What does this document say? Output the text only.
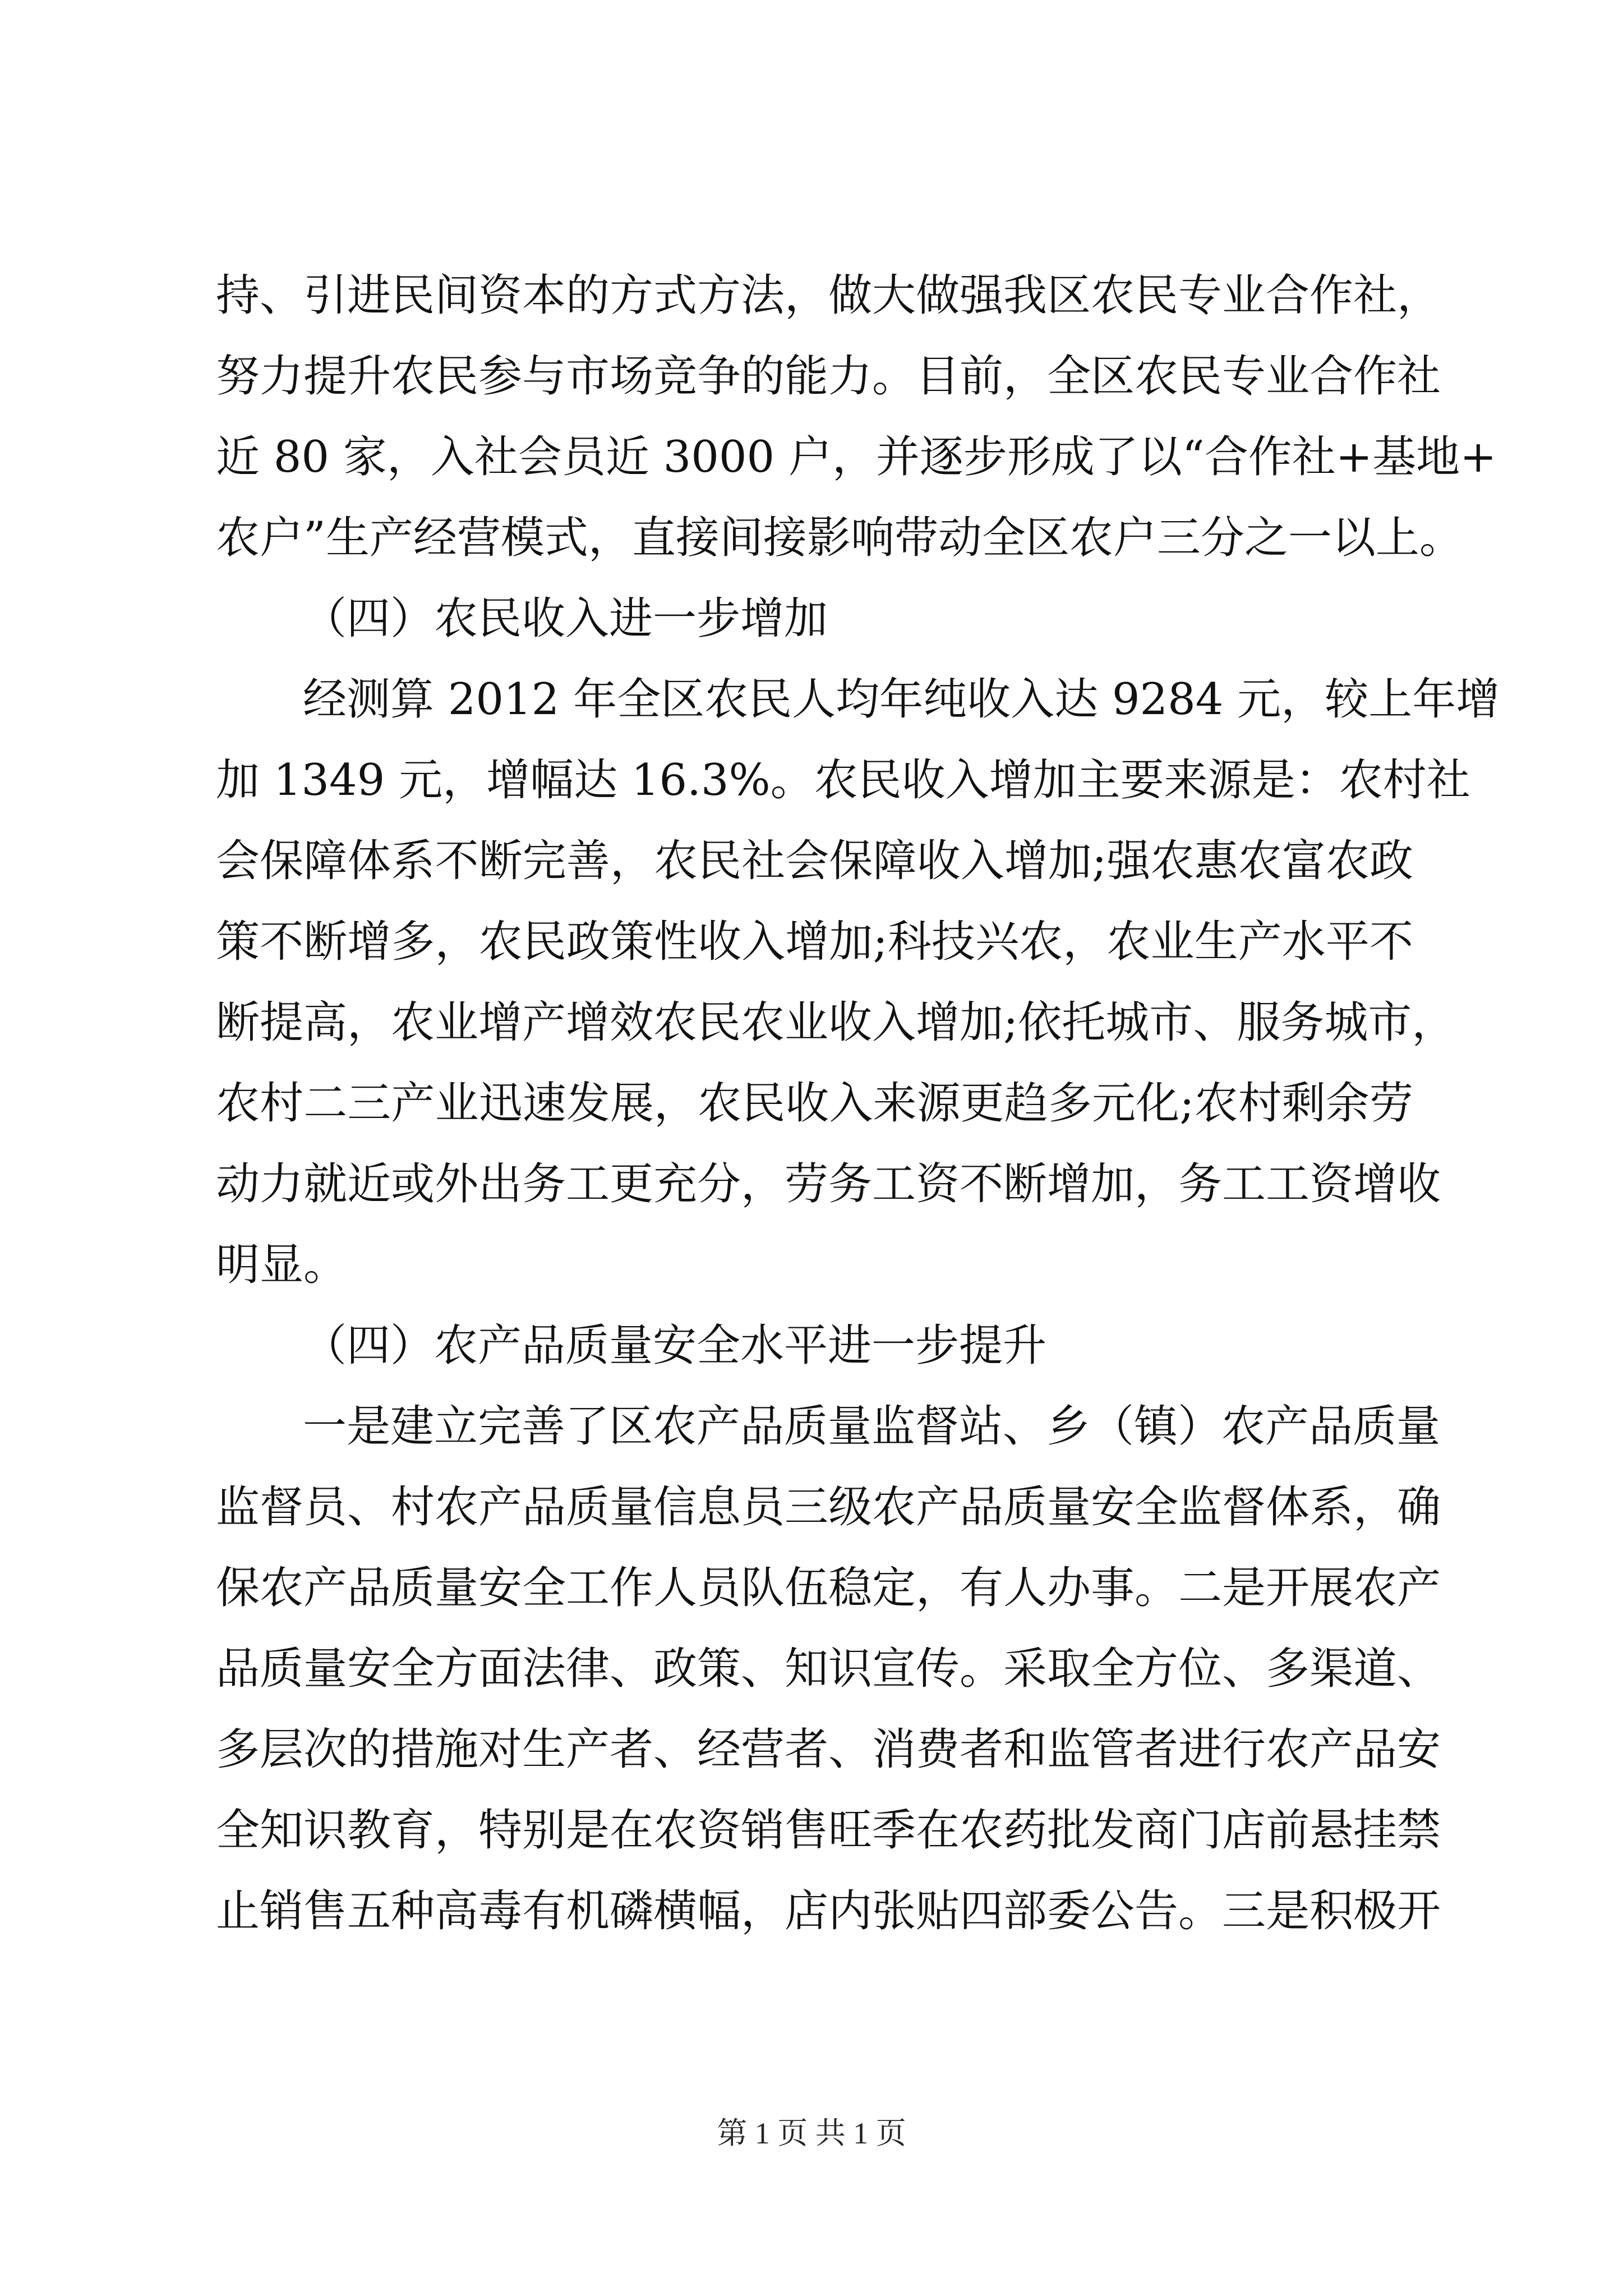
持、引进民间资本的方式方法，做大做强我区农民专业合作社，
努力提升农民参与市场竞争的能力。目前，全区农民专业合作社
近 80 家，入社会员近 3000 户，并逐步形成了以“合作社+基地+
农户”生产经营模式，直接间接影响带动全区农户三分之一以上。
（四）农民收入进一步增加
经测算 2012 年全区农民人均年纯收入达 9284 元，较上年增
加 1349 元，增幅达 16.3%。农民收入增加主要来源是：农村社
会保障体系不断完善，农民社会保障收入增加;强农惠农富农政
策不断增多，农民政策性收入增加;科技兴农，农业生产水平不
断提高，农业增产增效农民农业收入增加;依托城市、服务城市，
农村二三产业迅速发展，农民收入来源更趋多元化;农村剩余劳
动力就近或外出务工更充分，劳务工资不断增加，务工工资增收
明显。
（四）农产品质量安全水平进一步提升
一是建立完善了区农产品质量监督站、乡（镇）农产品质量
监督员、村农产品质量信息员三级农产品质量安全监督体系，确
保农产品质量安全工作人员队伍稳定，有人办事。二是开展农产
品质量安全方面法律、政策、知识宣传。采取全方位、多渠道、
多层次的措施对生产者、经营者、消费者和监管者进行农产品安
全知识教育，特别是在农资销售旺季在农药批发商门店前悬挂禁
止销售五种高毒有机磷横幅，店内张贴四部委公告。三是积极开
第 1 页 共 1 页
